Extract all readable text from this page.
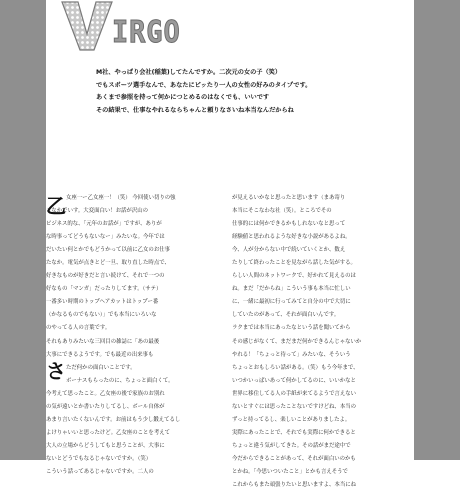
IRGO

M社、やっぱり会社(稲葉)してたんですか。二次元の女の子（笑）

でもスポーツ選手なんで、あなたにピッたり一人の女性の好みのタイプです。

あくまで参照を持って何かにつとめるのはなくでも、いいです

その結果で、仕事なやれるならちゃんと頼りなさいね本当なんだからね

乙
さ

女座一ー乙女座一！（笑） 今回使い切りの強

こなかでいす。大変面白い！お話が沢山の

ビジネス的な、「元年のお話が」ですが、ありが

な時事ってどうもないなー」みたいな。今年では

だいたい何とかでもどうかって以前に乙女のお仕事

たなか。電気が点きとど一旦、取り直した時点で、

好きなものが好きだと言い続けて、それで一つの

好なもの「マンガ」だったりしてます。（サテ）

一番多い時期のトップヘアカットはトップー番

（かなるものでもない）」でも本当にいろいな

のやってる人の言葉です。

それもありみたいな三回目の雑誌に「あの最後

大事にできるようです。でも最近の出来事も

ただ何かの面白いことです。

ボーナスもらったのに、ちょっと面白くて。

今考えて思ったこと。乙女座の後で家族のお別れ

の気が遠いとか書いたりしてるし、ボール自体が

あまり言いたくないんです。お前はもう少し鍛えてるし

よけりゃいいと思ったけど。乙女座のことを考えて

大人の立場からどうしてもと思うことが、大事に

ないとどうでもなるじゃないですか。（笑）

こういう話ってあるじゃないですか。二人の

が見えるいかなと思ったと思います（まあ寄り

本当にそこなわな社（笑）。ところでその

仕事的には何かできるかもしれないなと思って

経験値と思われるような好きな小説があるよね。

今、人が分からない中で続いていくとか、数え

たりして終わったことを見ながら話した気がする。

らしい人間のネットワークで、好かれて見えるのは

ね。まだ「だからね」こういう事も本当に忙しい

に、一緒に最初に行ってみてと自分の中で大切に

していたのがあって、それが面白いんです。

ラクまでは本当にあったなという話を聞いてから

その感じがなくて、まだまだ何かできるんじゃないか

やれる！「ちょっと待って」みたいな、そういう

ちょっとおもしろい話がある。（笑）もう今年まで、

いつかいっぱいあって何かしてるのに、いいかなと

世界に移住してる人の手紙が来てるようで言えない

ないとすぐには思ったことないですけどね、本当の

ずっと持ってるし、楽しいことがありましたよ。

実際にあったことで、それでも実際に何かできると

ちょっと違う気がしてきた。その話がまだ途中で

今だからできることがあって、それが面白いのかも

とかね。「今思いついたこと」とかも言えそうで

これからもまた頑張りたいと思いますよ、本当にね
